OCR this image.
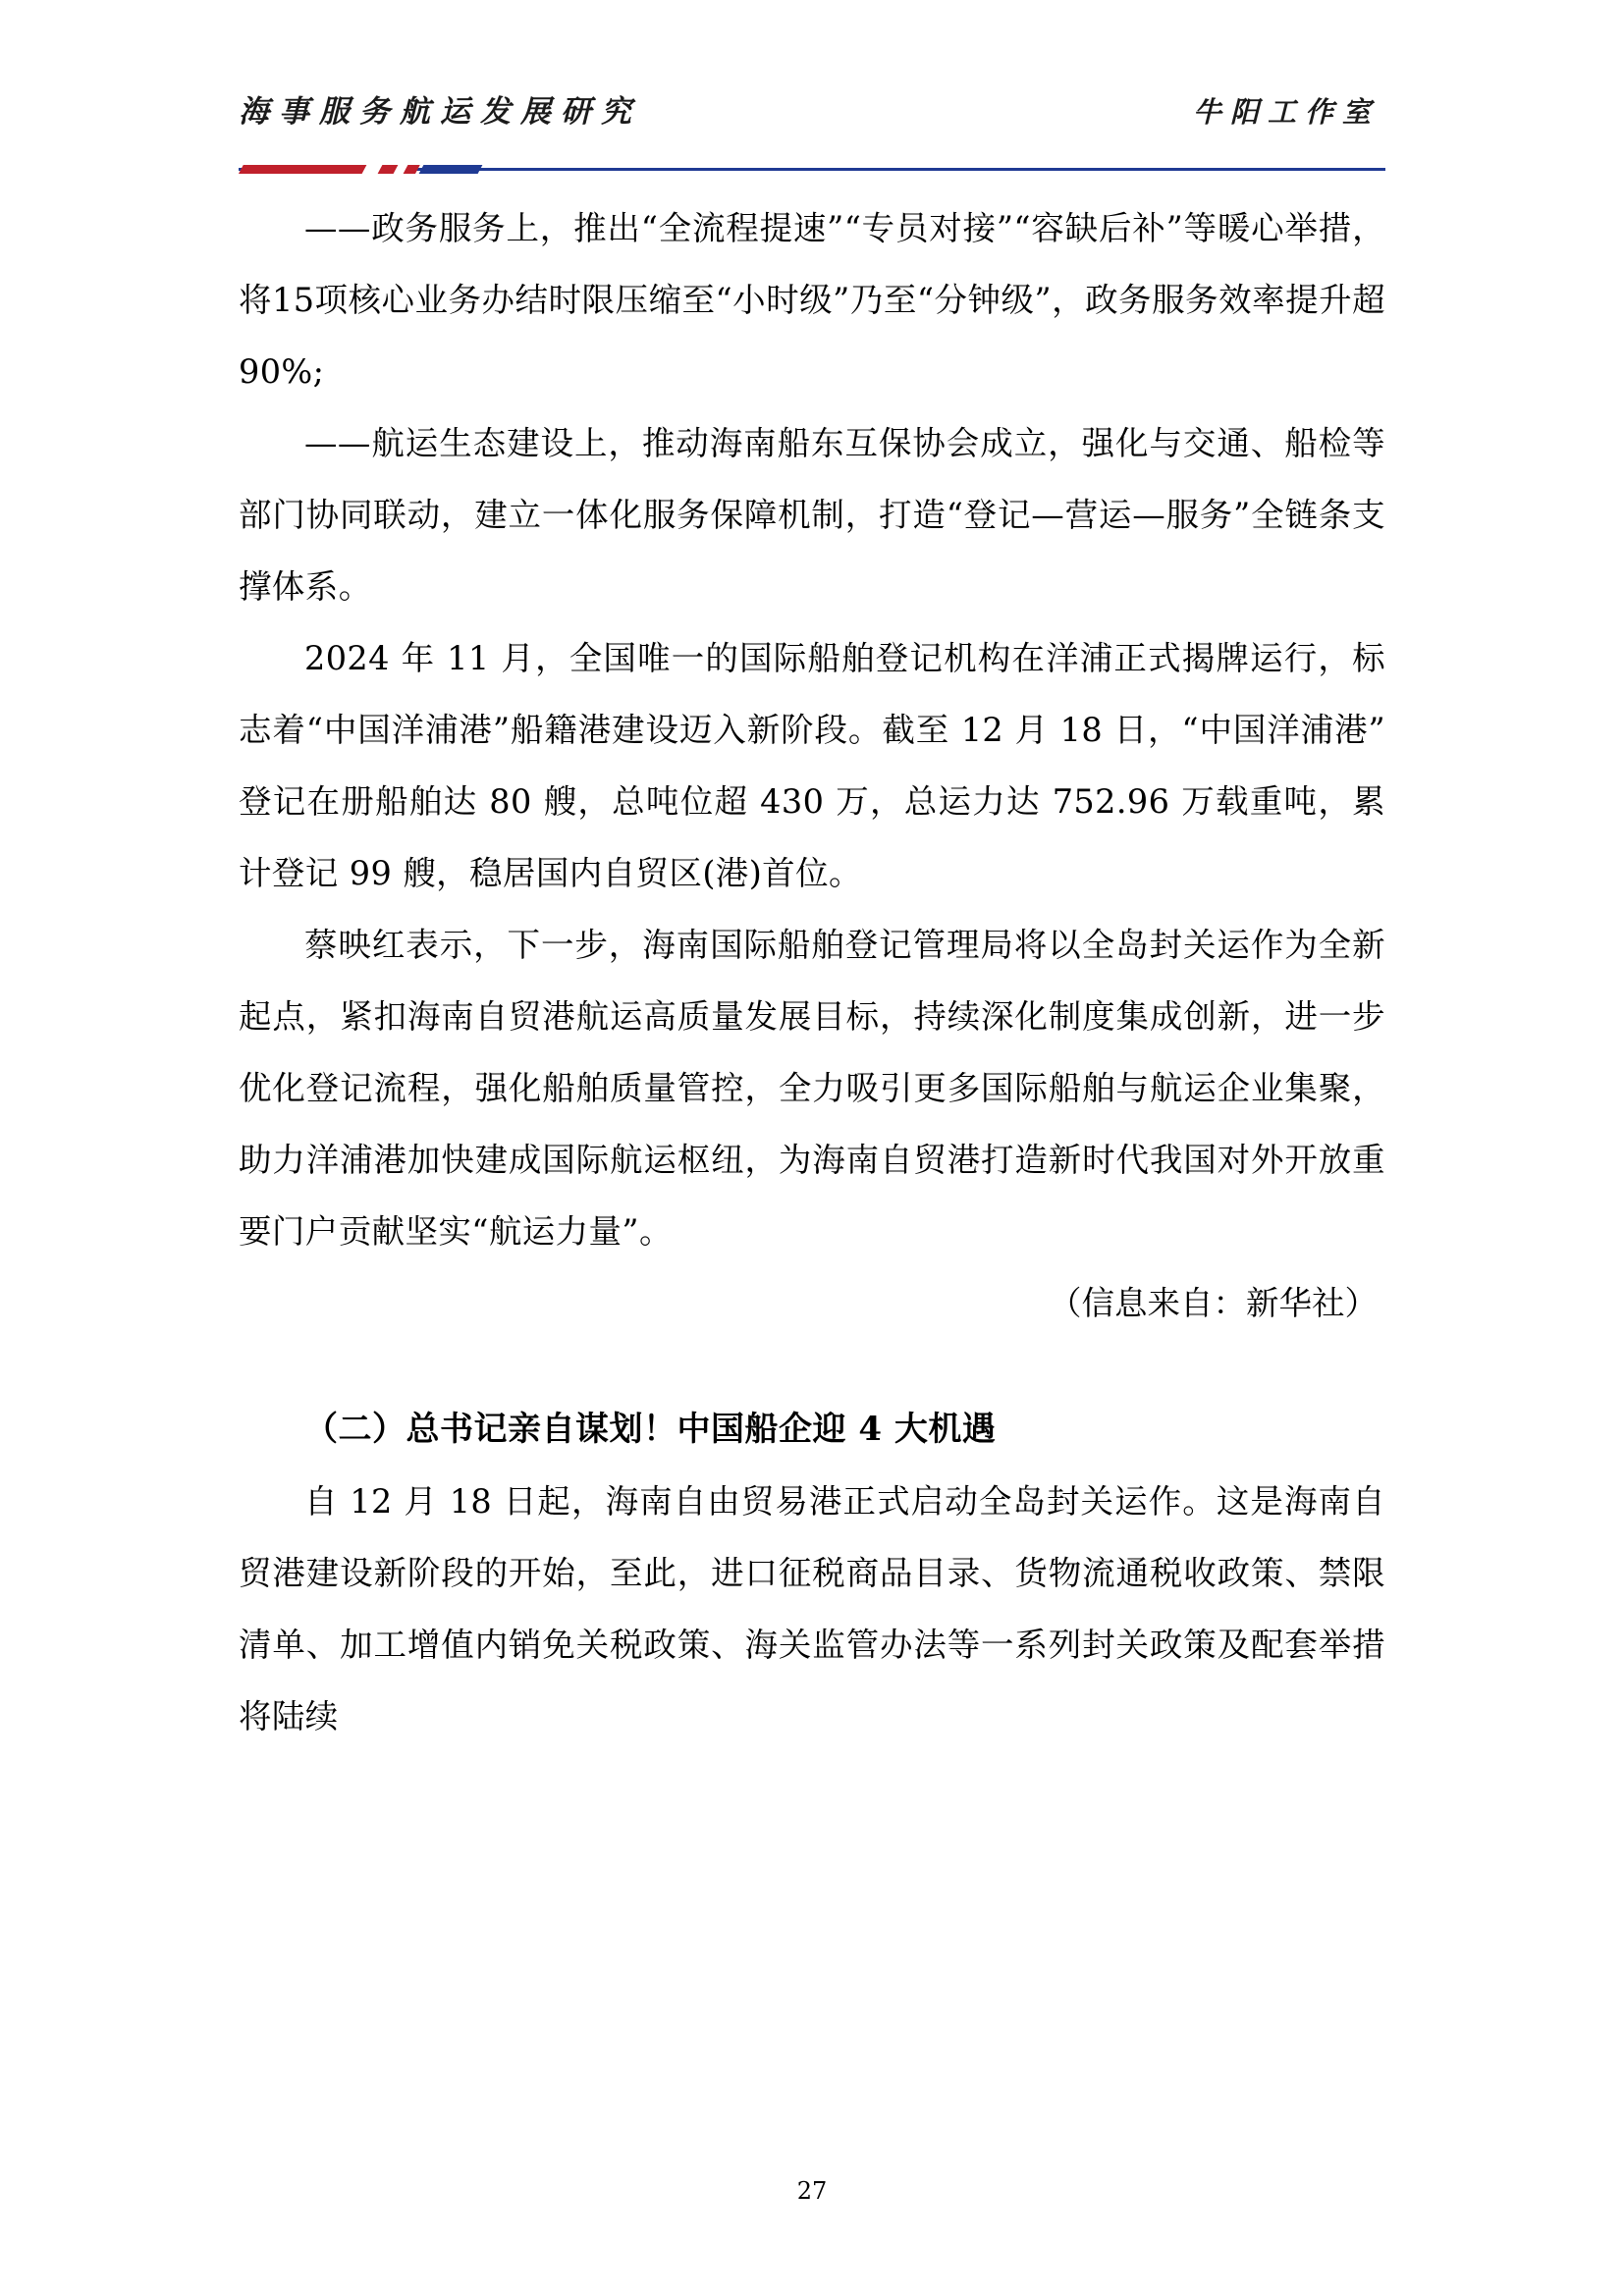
海事服务航运发展研究	牛阳工作室

——政务服务上，推出“全流程提速”“专员对接”“容缺后补”等暖心举措，将15项核心业务办结时限压缩至“小时级”乃至“分钟级”，政务服务效率提升超90%;

——航运生态建设上，推动海南船东互保协会成立，强化与交通、船检等部门协同联动，建立一体化服务保障机制，打造“登记—营运—服务”全链条支撑体系。

2024 年 11 月，全国唯一的国际船舶登记机构在洋浦正式揭牌运行，标志着“中国洋浦港”船籍港建设迈入新阶段。截至 12 月 18 日，“中国洋浦港”登记在册船舶达 80 艘，总吨位超 430 万，总运力达 752.96 万载重吨，累计登记 99 艘，稳居国内自贸区(港)首位。

蔡映红表示，下一步，海南国际船舶登记管理局将以全岛封关运作为全新起点，紧扣海南自贸港航运高质量发展目标，持续深化制度集成创新，进一步优化登记流程，强化船舶质量管控，全力吸引更多国际船舶与航运企业集聚，助力洋浦港加快建成国际航运枢纽，为海南自贸港打造新时代我国对外开放重要门户贡献坚实“航运力量”。

（信息来自：新华社）

（二）总书记亲自谋划！中国船企迎 4 大机遇

自 12 月 18 日起，海南自由贸易港正式启动全岛封关运作。这是海南自贸港建设新阶段的开始，至此，进口征税商品目录、货物流通税收政策、禁限清单、加工增值内销免关税政策、海关监管办法等一系列封关政策及配套举措将陆续

27
